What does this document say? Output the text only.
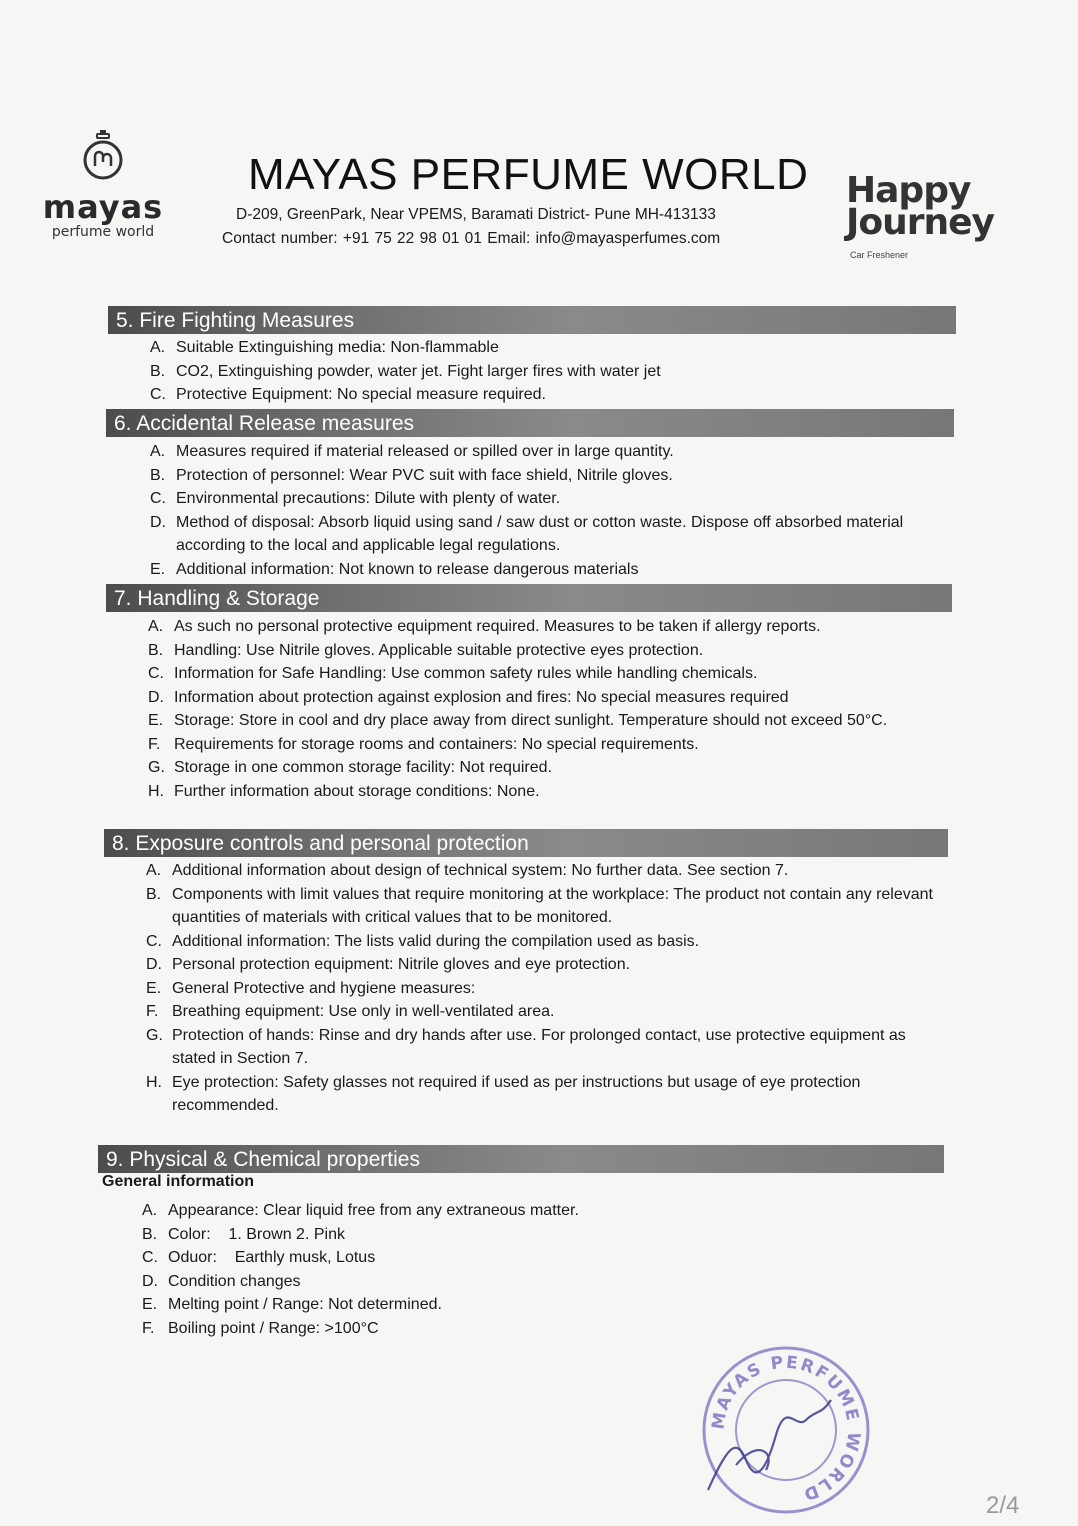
mayas
perfume world
MAYAS PERFUME WORLD
D-209, GreenPark, Near VPEMS, Baramati District- Pune MH-413133
Contact number: +91 75 22 98 01 01 Email: info@mayasperfumes.com
Happy
Journey
Car Freshener
5. Fire Fighting Measures
A. Suitable Extinguishing media: Non-flammable
B. CO2, Extinguishing powder, water jet. Fight larger fires with water jet
C. Protective Equipment: No special measure required.
6. Accidental Release measures
A. Measures required if material released or spilled over in large quantity.
B. Protection of personnel: Wear PVC suit with face shield, Nitrile gloves.
C. Environmental precautions: Dilute with plenty of water.
D. Method of disposal: Absorb liquid using sand / saw dust or cotton waste. Dispose off absorbed material according to the local and applicable legal regulations.
E. Additional information: Not known to release dangerous materials
7. Handling & Storage
A. As such no personal protective equipment required. Measures to be taken if allergy reports.
B. Handling: Use Nitrile gloves. Applicable suitable protective eyes protection.
C. Information for Safe Handling: Use common safety rules while handling chemicals.
D. Information about protection against explosion and fires: No special measures required
E. Storage: Store in cool and dry place away from direct sunlight. Temperature should not exceed 50°C.
F. Requirements for storage rooms and containers: No special requirements.
G. Storage in one common storage facility: Not required.
H. Further information about storage conditions: None.
8. Exposure controls and personal protection
A. Additional information about design of technical system: No further data. See section 7.
B. Components with limit values that require monitoring at the workplace: The product not contain any relevant quantities of materials with critical values that to be monitored.
C. Additional information: The lists valid during the compilation used as basis.
D. Personal protection equipment: Nitrile gloves and eye protection.
E. General Protective and hygiene measures:
F. Breathing equipment: Use only in well-ventilated area.
G. Protection of hands: Rinse and dry hands after use. For prolonged contact, use protective equipment as stated in Section 7.
H. Eye protection: Safety glasses not required if used as per instructions but usage of eye protection recommended.
9. Physical & Chemical properties
General information
A. Appearance: Clear liquid free from any extraneous matter.
B. Color:    1. Brown 2. Pink
C. Oduor:    Earthly musk, Lotus
D. Condition changes
E. Melting point / Range: Not determined.
F. Boiling point / Range: >100°C
MAYAS PERFUME WORLD	2/4
